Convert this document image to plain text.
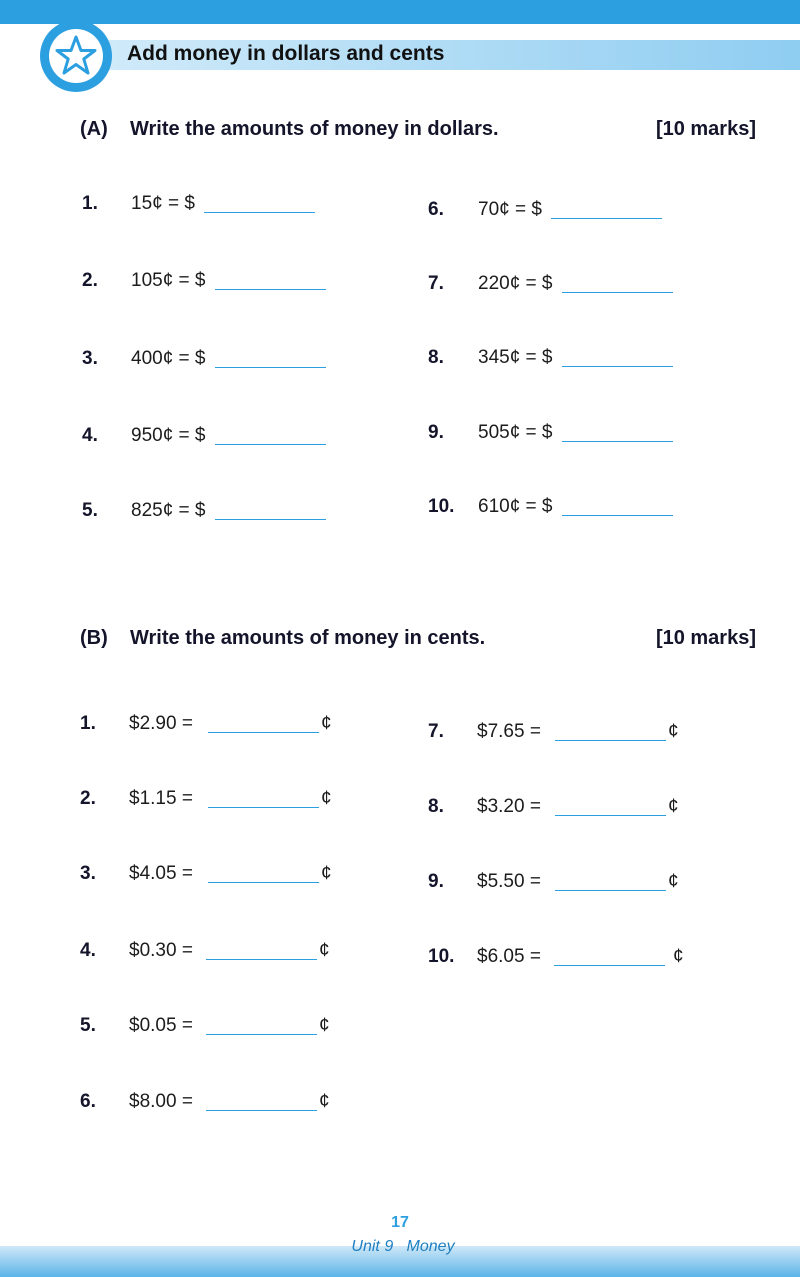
Add money in dollars and cents
(A) Write the amounts of money in dollars.	[10 marks]
1. 15¢ = $
2. 105¢ = $
3. 400¢ = $
4. 950¢ = $
5. 825¢ = $
6. 70¢ = $
7. 220¢ = $
8. 345¢ = $
9. 505¢ = $
10. 610¢ = $
(B) Write the amounts of money in cents.	[10 marks]
1. $2.90 =	¢
2. $1.15 =	¢
3. $4.05 =	¢
4. $0.30 =	¢
5. $0.05 =	¢
6. $8.00 =	¢
7. $7.65 =	¢
8. $3.20 =	¢
9. $5.50 =	¢
10. $6.05 =	¢
17
Unit 9   Money
